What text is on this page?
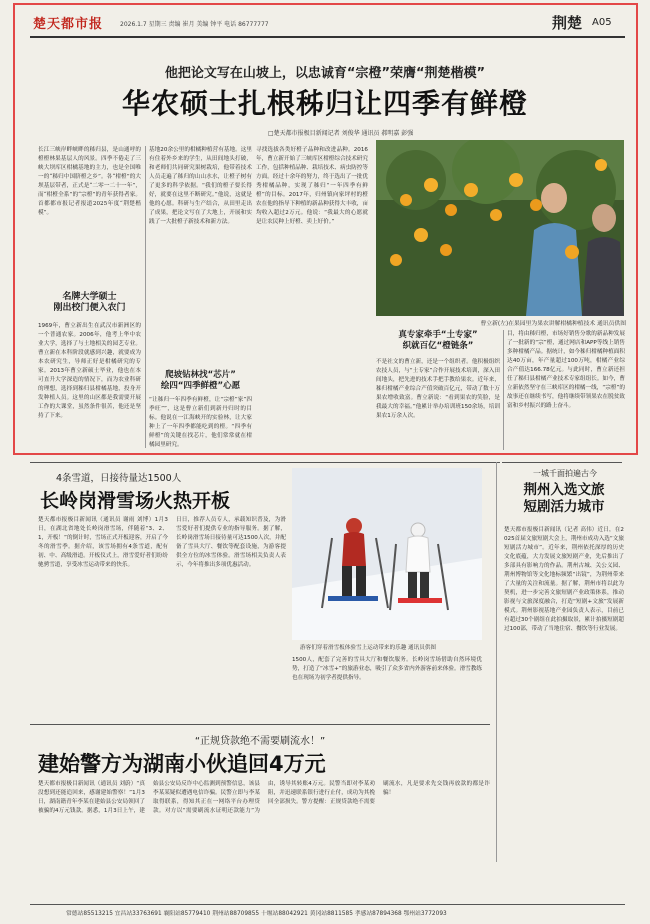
楚天都市报	2026.1.7 星期三 责编 崔月 美编 钟平 电话 86777777	荆楚 A05
他把论文写在山坡上，以忠诚育“宗橙”荣膺“荆楚楷模”
华农硕士扎根秭归让四季有鲜橙
□楚天都市报极目新闻记者 刘俊华 通讯员 郝明嘉 彭强
长江三峡岸畔峡畔的秭归县，是山通呼的橙橙林果基层人的风景。四季不倦走了三峡大坝库区柑橘基地的主力，也是全国唯一的“秭归中国脐橙之乡”。各“柑橙”的大坝基层带者，正式是“二零一二十一年”，而“柑橙全系”的“宗橙”的青年获得者家。首都都市报记者报道2025年度“荆楚楷模”。
名牌大学硕士
刚出校门便入农门
1969年，曹立新出生在武汉市新洲区的一个普通农家。2006年，他考上华中农业大学，选择了与土地相关的园艺专业。曹立新在本科阶段就感到兴趣，就要成为本农研究生，导师正好是柑橘研究的专家。2013年曹立新硕士毕业，他也在本可直升大学深造的情况下，而为农业科研的理想，选择到秭归县柑橘基地，投身开发种植人员。这里的山区都是我需要开展工作的大课堂，虽然条件很苦，他还是坚持了下来。
基地20余公里的柑橘种植营有基地。这里有住着外乡来的学生，从田间地头打破，和老师们共同研究果树栽培，他带着技术人员走遍了秭归的山山水水，让橙子树有了更多的科学依据。“我们的橙子要长得好，就要在这里不断研究。”他说，这就是他的心愿。科研与生产结合，从田里走出了成果，把论文写在了大地上，开展和实践了一大批橙子新技术和新方法。
爬坡钻林找“芯片”
绘四“四季鲜橙”心愿
“让秭归一年四季有鲜橙，让“宗橙”家”四季旺””，这是曹立新们到新丹归时的目标。他说在一江海峡开的实验林，让大家种上了一年四季都能吃到的橙。“四季有鲜橙”的关键在找芯片，他们常常就在柑橘园里研究。
寻找选拔各类好橙子品种和改进品种。2016年，曹立新开始了三峡库区柑橙综合技术研究工作，包括种植品种、栽培技术、病虫防控等方面。经过十余年的努力，终于选出了一批优秀柑橘品种，实现了秭归“一年四季有鲜橙”的目标。2017年，归州镇向家坪村的橙农在他的指导下种植的新品种获得大丰收，亩均收入超过2万元。他说：“我最大的心愿就是让农民种上好橙、卖上好价。”
曹立新(左)在果园里为果农讲解柑橘种植技术 通讯员供图
真专家牵手“土专家”
织就百亿“橙链条”
不是社文的曹立新，还是一个组织者。他积极组织农技人员，与“土专家”合作开展技术培训，深入田间地头，把先进的技术手把手教给果农。近年来，秭归柑橘产业综合产值突破百亿元，带动了数十万果农增收致富。曹立新说：“看到果农的笑脸，是我最大的幸福。”他累计举办培训班150余场，培训果农1万余人次。
目，将由秭归橙，市场好销售分歌的新品种发展了一批新的“宗”橙，通过网店和APP等线上销售多种柑橘产品。据统计，如今秭归柑橘种植面积达40万亩，年产量超过100万吨，柑橘产业综合产值达166.78亿元。与此同时，曹立新还担任了秭归县柑橘产业技术专家组组长。如今，曹立新依然坚守在三峡库区的柑橘一线，“宗橙”的故事还在继续书写，他将继续带领果农在脱贫致富和乡村振兴的路上奋斗。
4条雪道，日接待量达1500人
长岭岗滑雪场火热开板
楚天都市报极目新闻讯（通讯员 谢雨 刘博）1月3日，在湖北省地处长岭岗滑雪场，伴随着“3、2、1，开板！”的倒计时，雪场正式开板迎客，开启了今冬的滑雪季。据介绍，该雪场拥有4条雪道，配有初、中、高级滑道。开板仪式上，滑雪爱好者们纷纷驰骋雪道，享受冰雪运动带来的快乐。
日日，推荐人员专人，承载知识普及，为滑雪爱好者们提供专业的指导服务。据了解，长岭岗滑雪场日接待量可达1500人次，并配备了雪具大厅、餐饮等配套设施，为游客提供全方位的冰雪体验。滑雪场相关负责人表示，今年将推出多项优惠活动。
游客们穿着滑雪板体验雪上运动带来的乐趣 通讯员供图
1500人，配套了完善的雪具大厅和餐饮服务。长岭岗雪场借助自然环境优势，打造了“冰雪+”的旅游业态，吸引了众多省内外游客前来体验。滑雪教练也在现场为初学者提供指导。
一城千面拍遍古今
荆州入选文旅
短剧活力城市
楚天都市报极目新闻讯（记者 高伟）近日，在2025首届文旅短剧大会上，荆州市成功入选“文旅短剧活力城市”。近年来，荆州依托深厚的历史文化底蕴，大力发展文旅短剧产业，先后推出了多部具有影响力的作品。荆州古城、关公义园、荆州博物馆等文化地标频繁“出镜”，为荆州带来了大量的关注和流量。据了解，荆州市将以此为契机，进一步完善文旅短剧产业政策体系，推动影视与文旅深度融合，打造“短剧+文旅”发展新模式。荆州影视基地产业园负责人表示，目前已有超过30个剧组在此拍摄取景，累计拍摄短剧超过100部，带动了当地住宿、餐饮等行业发展。
“正规贷款绝不需要刷流水！”
建始警方为湖南小伙追回4万元
楚天都市报极目新闻讯（通讯员 刘蔚）“真没想到还能追回来，感谢建始警察！”1月3日，湖南籍青年李某在建始县公安局领回了被骗的4万元钱款。据悉，1月3日上午，建始县公安局反诈中心监测到预警信息，该县李某某疑似遭遇电信诈骗。民警立即与李某取得联系，得知其正在一网络平台办理贷款。对方以“需要刷流水证明还款能力”为由，诱导其转账4万元。民警当即对李某劝阻，并迅速联系银行进行止付，成功为其挽回全部损失。警方提醒：正规贷款绝不需要刷流水，凡是要求先交钱再放款的都是诈骗！
常德站85513215 宜昌站33763691 襄阳站85779410 荆州站88709855 十堰站88042921 黄冈站8811585 孝感站87894368 鄂州站3772093
